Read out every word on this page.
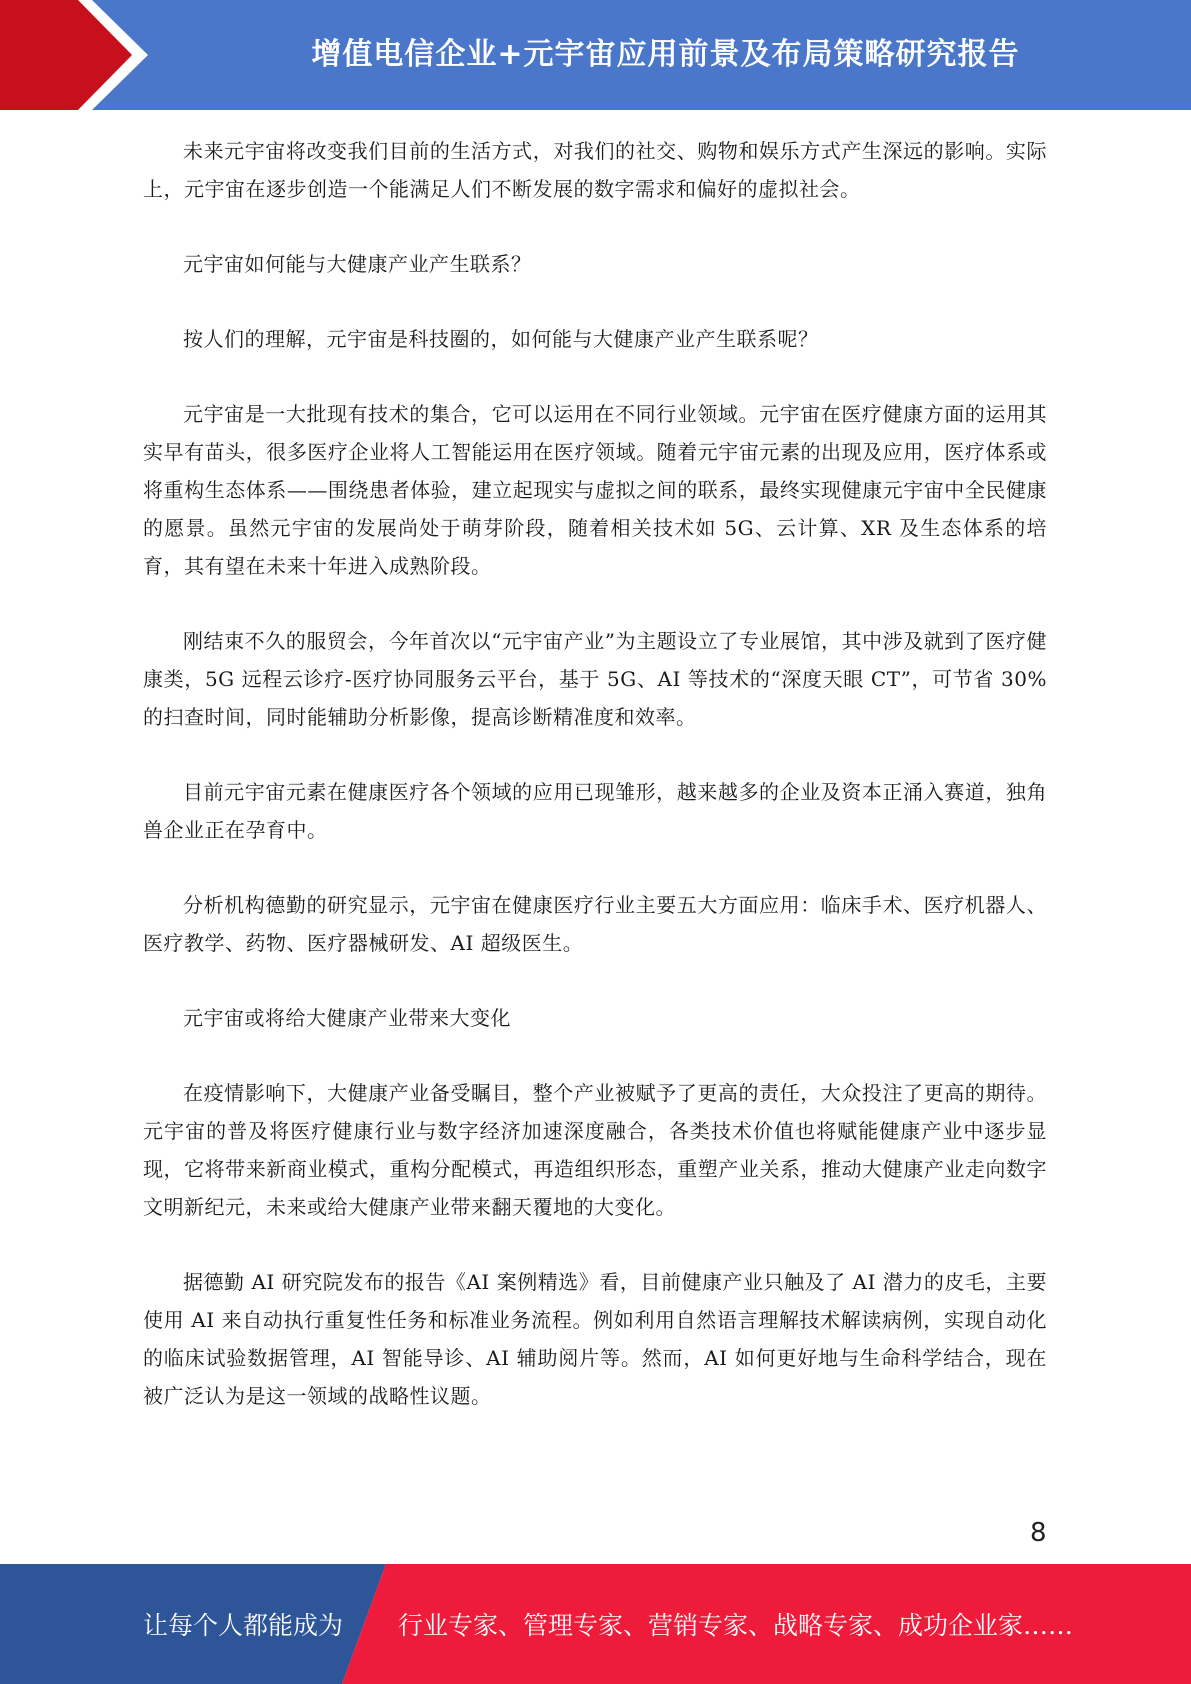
增值电信企业+元宇宙应用前景及布局策略研究报告

未来元宇宙将改变我们目前的生活方式，对我们的社交、购物和娱乐方式产生深远的影响。实际上，元宇宙在逐步创造一个能满足人们不断发展的数字需求和偏好的虚拟社会。

元宇宙如何能与大健康产业产生联系？

按人们的理解，元宇宙是科技圈的，如何能与大健康产业产生联系呢？

元宇宙是一大批现有技术的集合，它可以运用在不同行业领域。元宇宙在医疗健康方面的运用其实早有苗头，很多医疗企业将人工智能运用在医疗领域。随着元宇宙元素的出现及应用，医疗体系或将重构生态体系——围绕患者体验，建立起现实与虚拟之间的联系，最终实现健康元宇宙中全民健康的愿景。虽然元宇宙的发展尚处于萌芽阶段，随着相关技术如 5G、云计算、XR 及生态体系的培育，其有望在未来十年进入成熟阶段。

刚结束不久的服贸会，今年首次以“元宇宙产业”为主题设立了专业展馆，其中涉及就到了医疗健康类，5G 远程云诊疗-医疗协同服务云平台，基于 5G、AI 等技术的“深度天眼 CT”，可节省 30%的扫查时间，同时能辅助分析影像，提高诊断精准度和效率。

目前元宇宙元素在健康医疗各个领域的应用已现雏形，越来越多的企业及资本正涌入赛道，独角兽企业正在孕育中。

分析机构德勤的研究显示，元宇宙在健康医疗行业主要五大方面应用：临床手术、医疗机器人、医疗教学、药物、医疗器械研发、AI 超级医生。

元宇宙或将给大健康产业带来大变化

在疫情影响下，大健康产业备受瞩目，整个产业被赋予了更高的责任，大众投注了更高的期待。元宇宙的普及将医疗健康行业与数字经济加速深度融合，各类技术价值也将赋能健康产业中逐步显现，它将带来新商业模式，重构分配模式，再造组织形态，重塑产业关系，推动大健康产业走向数字文明新纪元，未来或给大健康产业带来翻天覆地的大变化。

据德勤 AI 研究院发布的报告《AI 案例精选》看，目前健康产业只触及了 AI 潜力的皮毛，主要使用 AI 来自动执行重复性任务和标准业务流程。例如利用自然语言理解技术解读病例，实现自动化的临床试验数据管理，AI 智能导诊、AI 辅助阅片等。然而，AI 如何更好地与生命科学结合，现在被广泛认为是这一领域的战略性议题。

8
让每个人都能成为 行业专家、管理专家、营销专家、战略专家、成功企业家……
